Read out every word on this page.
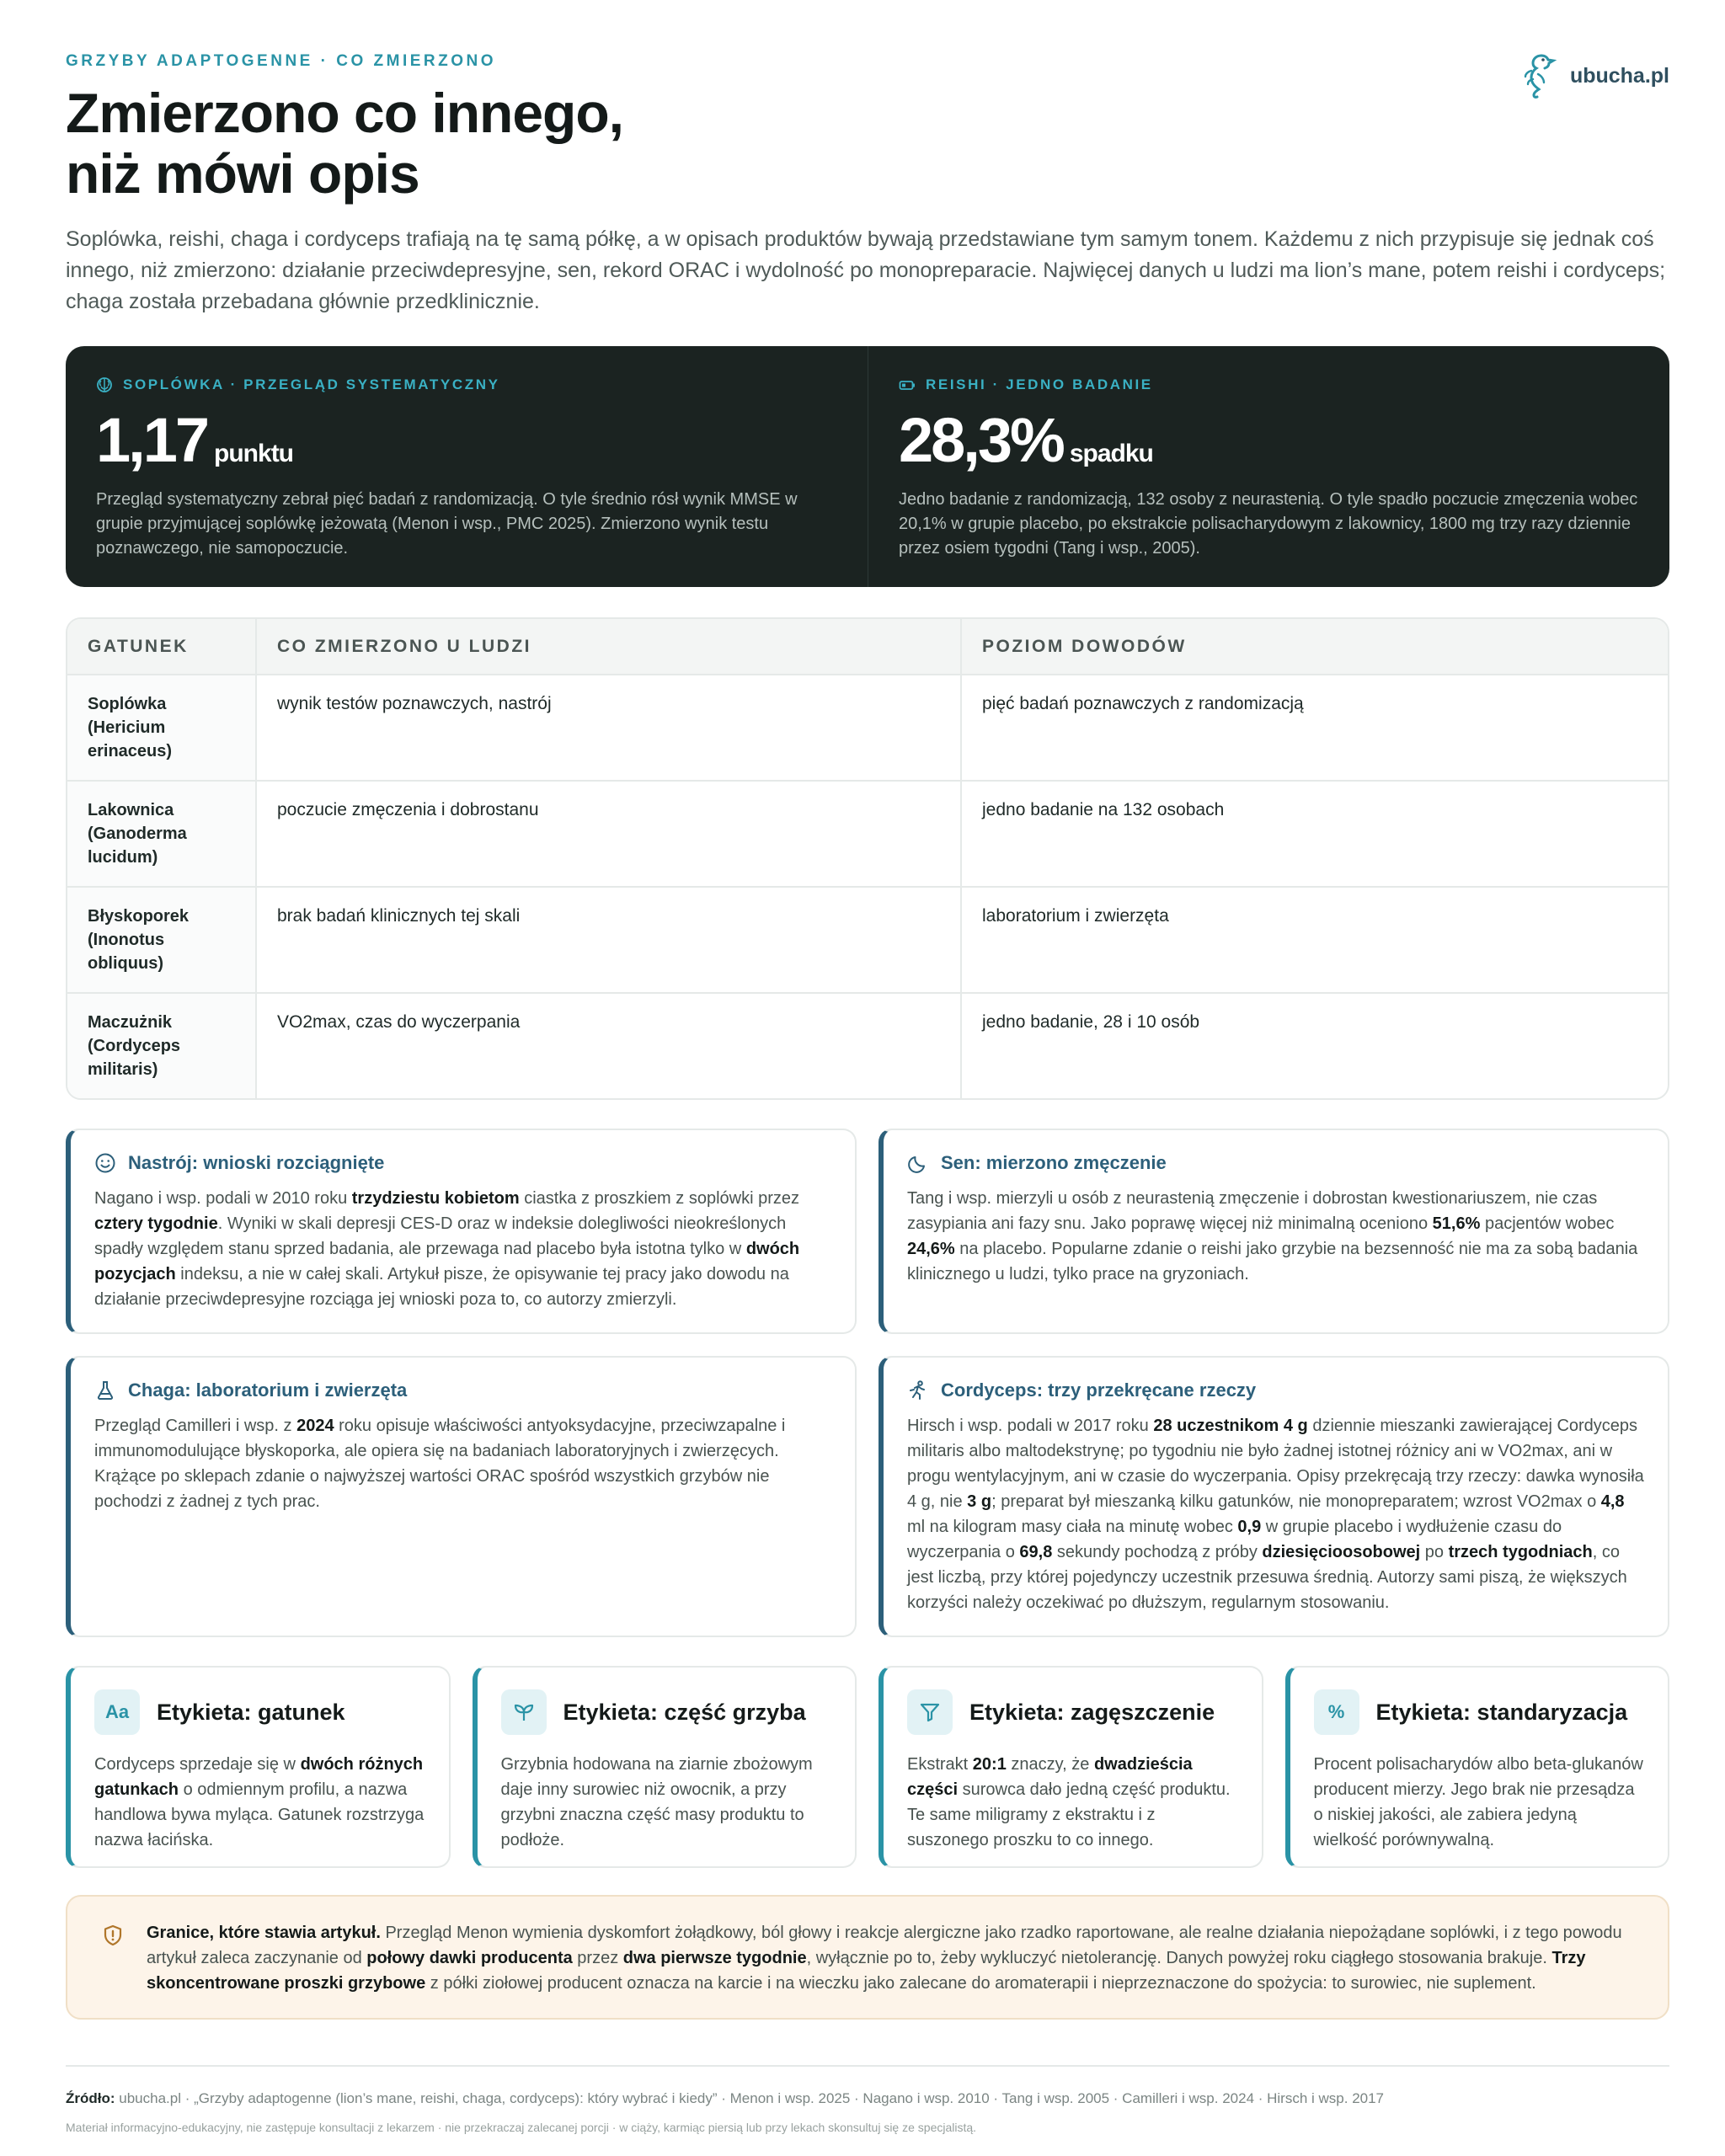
GRZYBY ADAPTOGENNE · CO ZMIERZONO
Zmierzono co innego,
niż mówi opis
ubucha.pl
Soplówka, reishi, chaga i cordyceps trafiają na tę samą półkę, a w opisach produktów bywają przedstawiane tym samym tonem. Każdemu z nich przypisuje się jednak coś innego, niż zmierzono: działanie przeciwdepresyjne, sen, rekord ORAC i wydolność po monopreparacie. Najwięcej danych u ludzi ma lion’s mane, potem reishi i cordyceps; chaga została przebadana głównie przedklinicznie.
SOPLÓWKA · PRZEGLĄD SYSTEMATYCZNY
1,17 punktu
Przegląd systematyczny zebrał pięć badań z randomizacją. O tyle średnio rósł wynik MMSE w grupie przyjmującej soplówkę jeżowatą (Menon i wsp., PMC 2025). Zmierzono wynik testu poznawczego, nie samopoczucie.
REISHI · JEDNO BADANIE
28,3% spadku
Jedno badanie z randomizacją, 132 osoby z neurastenią. O tyle spadło poczucie zmęczenia wobec 20,1% w grupie placebo, po ekstrakcie polisacharydowym z lakownicy, 1800 mg trzy razy dziennie przez osiem tygodni (Tang i wsp., 2005).
GATUNEK	CO ZMIERZONO U LUDZI	POZIOM DOWODÓW
Soplówka (Hericium erinaceus)	wynik testów poznawczych, nastrój	pięć badań poznawczych z randomizacją
Lakownica (Ganoderma lucidum)	poczucie zmęczenia i dobrostanu	jedno badanie na 132 osobach
Błyskoporek (Inonotus obliquus)	brak badań klinicznych tej skali	laboratorium i zwierzęta
Maczużnik (Cordyceps militaris)	VO2max, czas do wyczerpania	jedno badanie, 28 i 10 osób
Nastrój: wnioski rozciągnięte
Nagano i wsp. podali w 2010 roku trzydziestu kobietom ciastka z proszkiem z soplówki przez cztery tygodnie. Wyniki w skali depresji CES‑D oraz w indeksie dolegliwości nieokreślonych spadły względem stanu sprzed badania, ale przewaga nad placebo była istotna tylko w dwóch pozycjach indeksu, a nie w całej skali. Artykuł pisze, że opisywanie tej pracy jako dowodu na działanie przeciwdepresyjne rozciąga jej wnioski poza to, co autorzy zmierzyli.
Sen: mierzono zmęczenie
Tang i wsp. mierzyli u osób z neurastenią zmęczenie i dobrostan kwestionariuszem, nie czas zasypiania ani fazy snu. Jako poprawę więcej niż minimalną oceniono 51,6% pacjentów wobec 24,6% na placebo. Popularne zdanie o reishi jako grzybie na bezsenność nie ma za sobą badania klinicznego u ludzi, tylko prace na gryzoniach.
Chaga: laboratorium i zwierzęta
Przegląd Camilleri i wsp. z 2024 roku opisuje właściwości antyoksydacyjne, przeciwzapalne i immunomodulujące błyskoporka, ale opiera się na badaniach laboratoryjnych i zwierzęcych. Krążące po sklepach zdanie o najwyższej wartości ORAC spośród wszystkich grzybów nie pochodzi z żadnej z tych prac.
Cordyceps: trzy przekręcane rzeczy
Hirsch i wsp. podali w 2017 roku 28 uczestnikom 4 g dziennie mieszanki zawierającej Cordyceps militaris albo maltodekstrynę; po tygodniu nie było żadnej istotnej różnicy ani w VO2max, ani w progu wentylacyjnym, ani w czasie do wyczerpania. Opisy przekręcają trzy rzeczy: dawka wynosiła 4 g, nie 3 g; preparat był mieszanką kilku gatunków, nie monopreparatem; wzrost VO2max o 4,8 ml na kilogram masy ciała na minutę wobec 0,9 w grupie placebo i wydłużenie czasu do wyczerpania o 69,8 sekundy pochodzą z próby dziesięcioosobowej po trzech tygodniach, co jest liczbą, przy której pojedynczy uczestnik przesuwa średnią. Autorzy sami piszą, że większych korzyści należy oczekiwać po dłuższym, regularnym stosowaniu.
Aa	Etykieta: gatunek
Cordyceps sprzedaje się w dwóch różnych gatunkach o odmiennym profilu, a nazwa handlowa bywa myląca. Gatunek rozstrzyga nazwa łacińska.
Etykieta: część grzyba
Grzybnia hodowana na ziarnie zbożowym daje inny surowiec niż owocnik, a przy grzybni znaczna część masy produktu to podłoże.
Etykieta: zagęszczenie
Ekstrakt 20:1 znaczy, że dwadzieścia części surowca dało jedną część produktu. Te same miligramy z ekstraktu i z suszonego proszku to co innego.
%	Etykieta: standaryzacja
Procent polisacharydów albo beta‑glukanów producent mierzy. Jego brak nie przesądza o niskiej jakości, ale zabiera jedyną wielkość porównywalną.
Granice, które stawia artykuł. Przegląd Menon wymienia dyskomfort żołądkowy, ból głowy i reakcje alergiczne jako rzadko raportowane, ale realne działania niepożądane soplówki, i z tego powodu artykuł zaleca zaczynanie od połowy dawki producenta przez dwa pierwsze tygodnie, wyłącznie po to, żeby wykluczyć nietolerancję. Danych powyżej roku ciągłego stosowania brakuje. Trzy skoncentrowane proszki grzybowe z półki ziołowej producent oznacza na karcie i na wieczku jako zalecane do aromaterapii i nieprzeznaczone do spożycia: to surowiec, nie suplement.
Źródło: ubucha.pl · „Grzyby adaptogenne (lion’s mane, reishi, chaga, cordyceps): który wybrać i kiedy” · Menon i wsp. 2025 · Nagano i wsp. 2010 · Tang i wsp. 2005 · Camilleri i wsp. 2024 · Hirsch i wsp. 2017
Materiał informacyjno‑edukacyjny, nie zastępuje konsultacji z lekarzem · nie przekraczaj zalecanej porcji · w ciąży, karmiąc piersią lub przy lekach skonsultuj się ze specjalistą.
